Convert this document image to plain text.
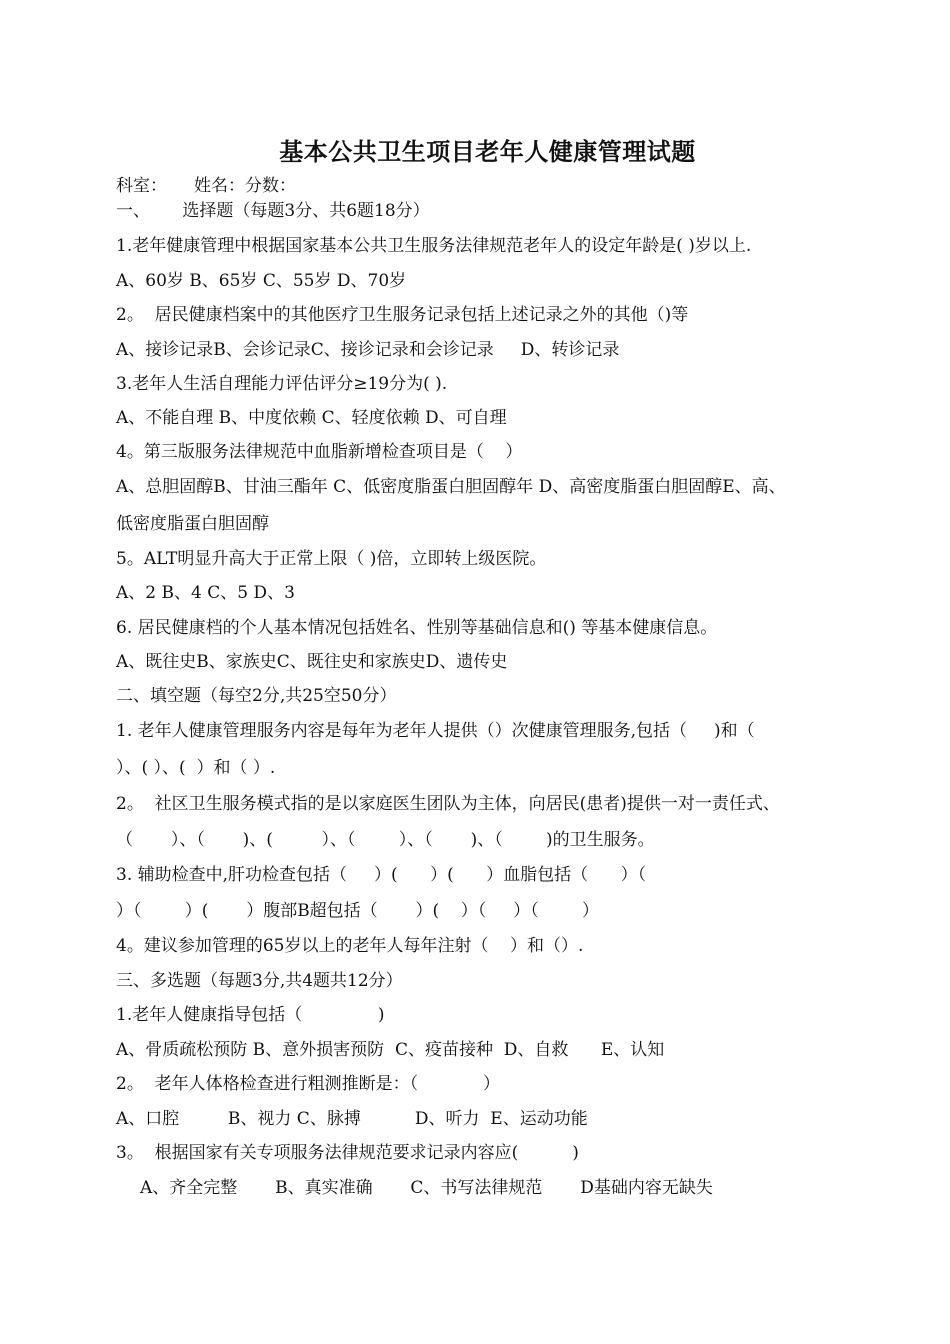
基本公共卫生项目老年人健康管理试题
科室：     姓名：分数：
一、      选择题（每题3分、共6题18分）
1.老年健康管理中根据国家基本公共卫生服务法律规范老年人的设定年龄是( )岁以上.
A、60岁 B、65岁 C、55岁 D、70岁
2。  居民健康档案中的其他医疗卫生服务记录包括上述记录之外的其他（)等
A、接诊记录B、会诊记录C、接诊记录和会诊记录     D、转诊记录
3.老年人生活自理能力评估评分≥19分为( ).
A、不能自理 B、中度依赖 C、轻度依赖 D、可自理
4。第三版服务法律规范中血脂新增检查项目是（    ）
A、总胆固醇B、甘油三酯年 C、低密度脂蛋白胆固醇年 D、高密度脂蛋白胆固醇E、高、
低密度脂蛋白胆固醇
5。ALT明显升高大于正常上限（ )倍，立即转上级医院。
A、2 B、4 C、5 D、3
6. 居民健康档的个人基本情况包括姓名、性别等基础信息和() 等基本健康信息。
A、既往史B、家族史C、既往史和家族史D、遗传史
二、填空题（每空2分,共25空50分）
1. 老年人健康管理服务内容是每年为老年人提供（）次健康管理服务,包括（     )和（
）、( ）、(  ）和（ ）.
2。  社区卫生服务模式指的是以家庭医生团队为主体，向居民(患者)提供一对一责任式、
（       ）、（       )、(         ）、（        ）、（       )、（        )的卫生服务。
3. 辅助检查中,肝功检查包括（     ）(      ）(      ）血脂包括（      ）（
）（        ）(       ）腹部B超包括（       ）(    ）（     ）（        ）
4。建议参加管理的65岁以上的老年人每年注射（    ）和（）.
三、多选题（每题3分,共4题共12分）
1.老年人健康指导包括（              )
A、骨质疏松预防 B、意外损害预防  C、疫苗接种  D、自救      E、认知
2。  老年人体格检查进行粗测推断是：（            ）
A、口腔         B、视力 C、脉搏          D、听力  E、运动功能
3。  根据国家有关专项服务法律规范要求记录内容应(          )
A、齐全完整       B、真实准确       C、书写法律规范       D基础内容无缺失
